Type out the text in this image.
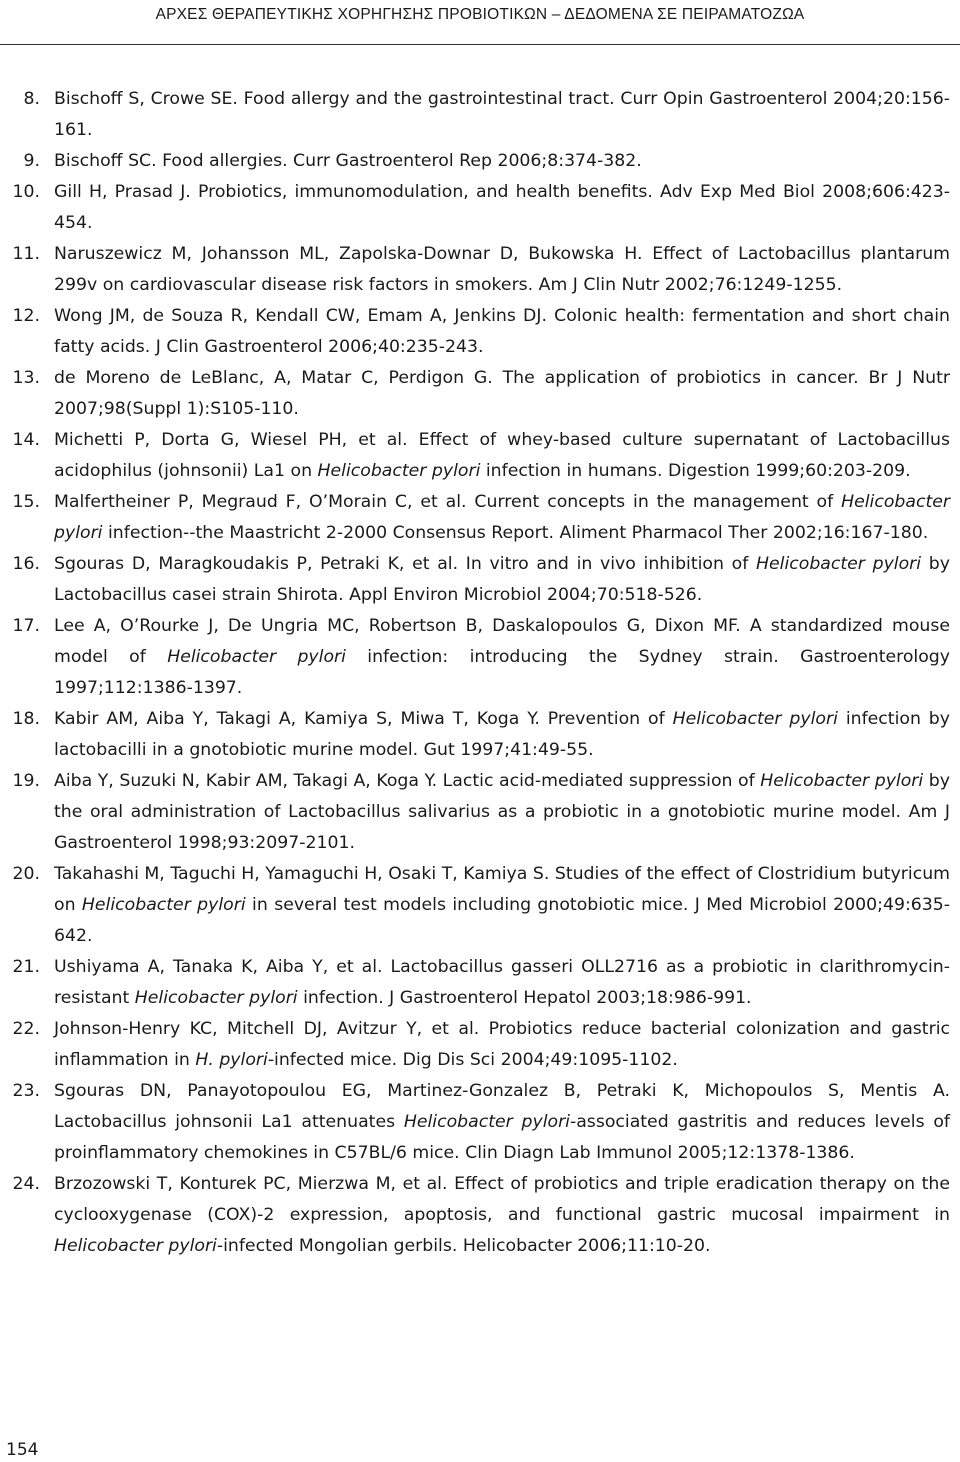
ΑΡΧΕΣ ΘΕΡΑΠΕΥΤΙΚΗΣ ΧΟΡΗΓΗΣΗΣ ΠΡΟΒΙΟΤΙΚΩΝ – ΔΕΔΟΜΕΝΑ ΣΕ ΠΕΙΡΑΜΑΤΟΖΩΑ
8. Bischoff S, Crowe SE. Food allergy and the gastrointestinal tract. Curr Opin Gastroenterol 2004;20:156-161.
9. Bischoff SC. Food allergies. Curr Gastroenterol Rep 2006;8:374-382.
10. Gill H, Prasad J. Probiotics, immunomodulation, and health benefits. Adv Exp Med Biol 2008;606:423-454.
11. Naruszewicz M, Johansson ML, Zapolska-Downar D, Bukowska H. Effect of Lactobacillus plantarum 299v on cardiovascular disease risk factors in smokers. Am J Clin Nutr 2002;76:1249-1255.
12. Wong JM, de Souza R, Kendall CW, Emam A, Jenkins DJ. Colonic health: fermentation and short chain fatty acids. J Clin Gastroenterol 2006;40:235-243.
13. de Moreno de LeBlanc, A, Matar C, Perdigon G. The application of probiotics in cancer. Br J Nutr 2007;98(Suppl 1):S105-110.
14. Michetti P, Dorta G, Wiesel PH, et al. Effect of whey-based culture supernatant of Lactobacillus acidophilus (johnsonii) La1 on Helicobacter pylori infection in humans. Digestion 1999;60:203-209.
15. Malfertheiner P, Megraud F, O’Morain C, et al. Current concepts in the management of Helicobacter pylori infection--the Maastricht 2-2000 Consensus Report. Aliment Pharmacol Ther 2002;16:167-180.
16. Sgouras D, Maragkoudakis P, Petraki K, et al. In vitro and in vivo inhibition of Helicobacter pylori by Lactobacillus casei strain Shirota. Appl Environ Microbiol 2004;70:518-526.
17. Lee A, O’Rourke J, De Ungria MC, Robertson B, Daskalopoulos G, Dixon MF. A standardized mouse model of Helicobacter pylori infection: introducing the Sydney strain. Gastroenterology 1997;112:1386-1397.
18. Kabir AM, Aiba Y, Takagi A, Kamiya S, Miwa T, Koga Y. Prevention of Helicobacter pylori infection by lactobacilli in a gnotobiotic murine model. Gut 1997;41:49-55.
19. Aiba Y, Suzuki N, Kabir AM, Takagi A, Koga Y. Lactic acid-mediated suppression of Helicobacter pylori by the oral administration of Lactobacillus salivarius as a probiotic in a gnotobiotic murine model. Am J Gastroenterol 1998;93:2097-2101.
20. Takahashi M, Taguchi H, Yamaguchi H, Osaki T, Kamiya S. Studies of the effect of Clostridium butyricum on Helicobacter pylori in several test models including gnotobiotic mice. J Med Microbiol 2000;49:635-642.
21. Ushiyama A, Tanaka K, Aiba Y, et al. Lactobacillus gasseri OLL2716 as a probiotic in clarithromycin-resistant Helicobacter pylori infection. J Gastroenterol Hepatol 2003;18:986-991.
22. Johnson-Henry KC, Mitchell DJ, Avitzur Y, et al. Probiotics reduce bacterial colonization and gastric inflammation in H. pylori-infected mice. Dig Dis Sci 2004;49:1095-1102.
23. Sgouras DN, Panayotopoulou EG, Martinez-Gonzalez B, Petraki K, Michopoulos S, Mentis A. Lactobacillus johnsonii La1 attenuates Helicobacter pylori-associated gastritis and reduces levels of proinflammatory chemokines in C57BL/6 mice. Clin Diagn Lab Immunol 2005;12:1378-1386.
24. Brzozowski T, Konturek PC, Mierzwa M, et al. Effect of probiotics and triple eradication therapy on the cyclooxygenase (COX)-2 expression, apoptosis, and functional gastric mucosal impairment in Helicobacter pylori-infected Mongolian gerbils. Helicobacter 2006;11:10-20.
154
